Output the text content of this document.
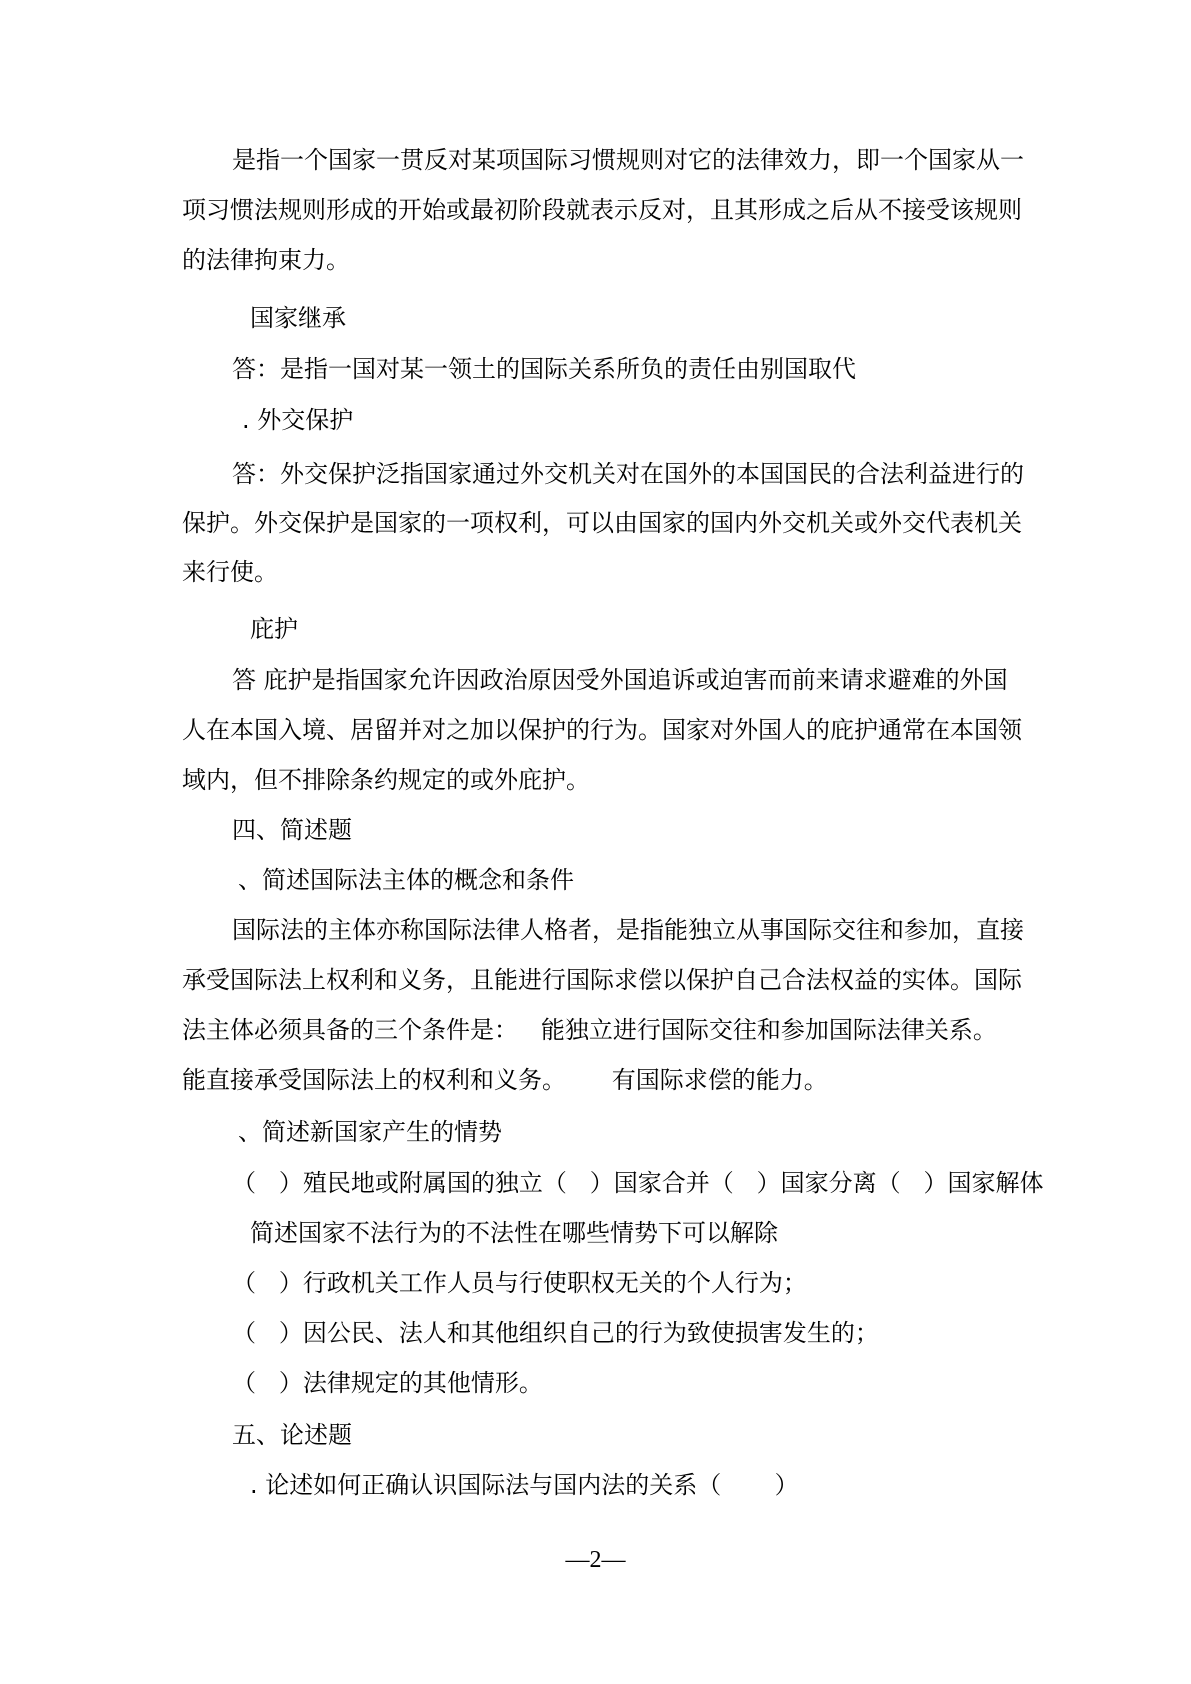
是指一个国家一贯反对某项国际习惯规则对它的法律效力，即一个国家从一
项习惯法规则形成的开始或最初阶段就表示反对，且其形成之后从不接受该规则
的法律拘束力。
国家继承
答：是指一国对某一领土的国际关系所负的责任由别国取代
. 外交保护
答：外交保护泛指国家通过外交机关对在国外的本国国民的合法利益进行的
保护。外交保护是国家的一项权利，可以由国家的国内外交机关或外交代表机关
来行使。
庇护
答 庇护是指国家允许因政治原因受外国追诉或迫害而前来请求避难的外国
人在本国入境、居留并对之加以保护的行为。国家对外国人的庇护通常在本国领
域内，但不排除条约规定的或外庇护。
四、简述题
、简述国际法主体的概念和条件
国际法的主体亦称国际法律人格者，是指能独立从事国际交往和参加，直接
承受国际法上权利和义务，且能进行国际求偿以保护自己合法权益的实体。国际
法主体必须具备的三个条件是：   能独立进行国际交往和参加国际法律关系。
能直接承受国际法上的权利和义务。      有国际求偿的能力。
、简述新国家产生的情势
（   ）殖民地或附属国的独立（   ）国家合并（   ）国家分离（   ）国家解体
简述国家不法行为的不法性在哪些情势下可以解除
（   ）行政机关工作人员与行使职权无关的个人行为；
（   ）因公民、法人和其他组织自己的行为致使损害发生的；
（   ）法律规定的其他情形。
五、论述题
. 论述如何正确认识国际法与国内法的关系（       ）
—2—
